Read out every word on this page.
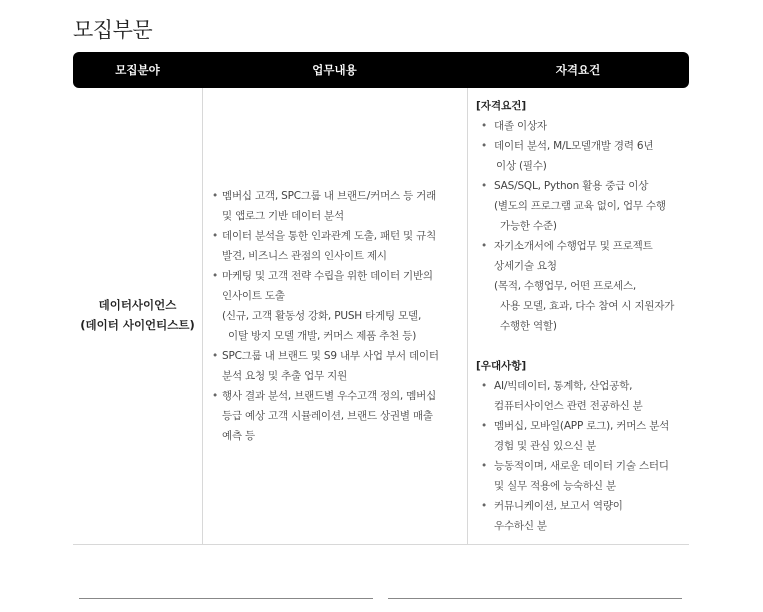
모집부문
모집분야	업무내용	자격요건
데이터사이언스
(데이터 사이언티스트)
• 멤버십 고객, SPC그룹 내 브랜드/커머스 등 거래
및 앱로그 기반 데이터 분석
• 데이터 분석을 통한 인과관계 도출, 패턴 및 규칙
발견, 비즈니스 관점의 인사이트 제시
• 마케팅 및 고객 전략 수립을 위한 데이터 기반의
인사이트 도출
(신규, 고객 활동성 강화, PUSH 타게팅 모델,
이탈 방지 모델 개발, 커머스 제품 추천 등)
• SPC그룹 내 브랜드 및 S9 내부 사업 부서 데이터
분석 요청 및 추출 업무 지원
• 행사 결과 분석, 브랜드별 우수고객 정의, 멤버십
등급 예상 고객 시뮬레이션, 브랜드 상권별 매출
예측 등
[자격요건]
• 대졸 이상자
• 데이터 분석, M/L모델개발 경력 6년
이상 (필수)
• SAS/SQL, Python 활용 중급 이상
(별도의 프로그램 교육 없이, 업무 수행
가능한 수준)
• 자기소개서에 수행업무 및 프로젝트
상세기술 요청
(목적, 수행업무, 어떤 프로세스,
사용 모델, 효과, 다수 참여 시 지원자가
수행한 역할)
[우대사항]
• AI/빅데이터, 통계학, 산업공학,
컴퓨터사이언스 관련 전공하신 분
• 멤버십, 모바일(APP 로그), 커머스 분석
경험 및 관심 있으신 분
• 능동적이며, 새로운 데이터 기술 스터디
및 실무 적용에 능숙하신 분
• 커뮤니케이션, 보고서 역량이
우수하신 분
